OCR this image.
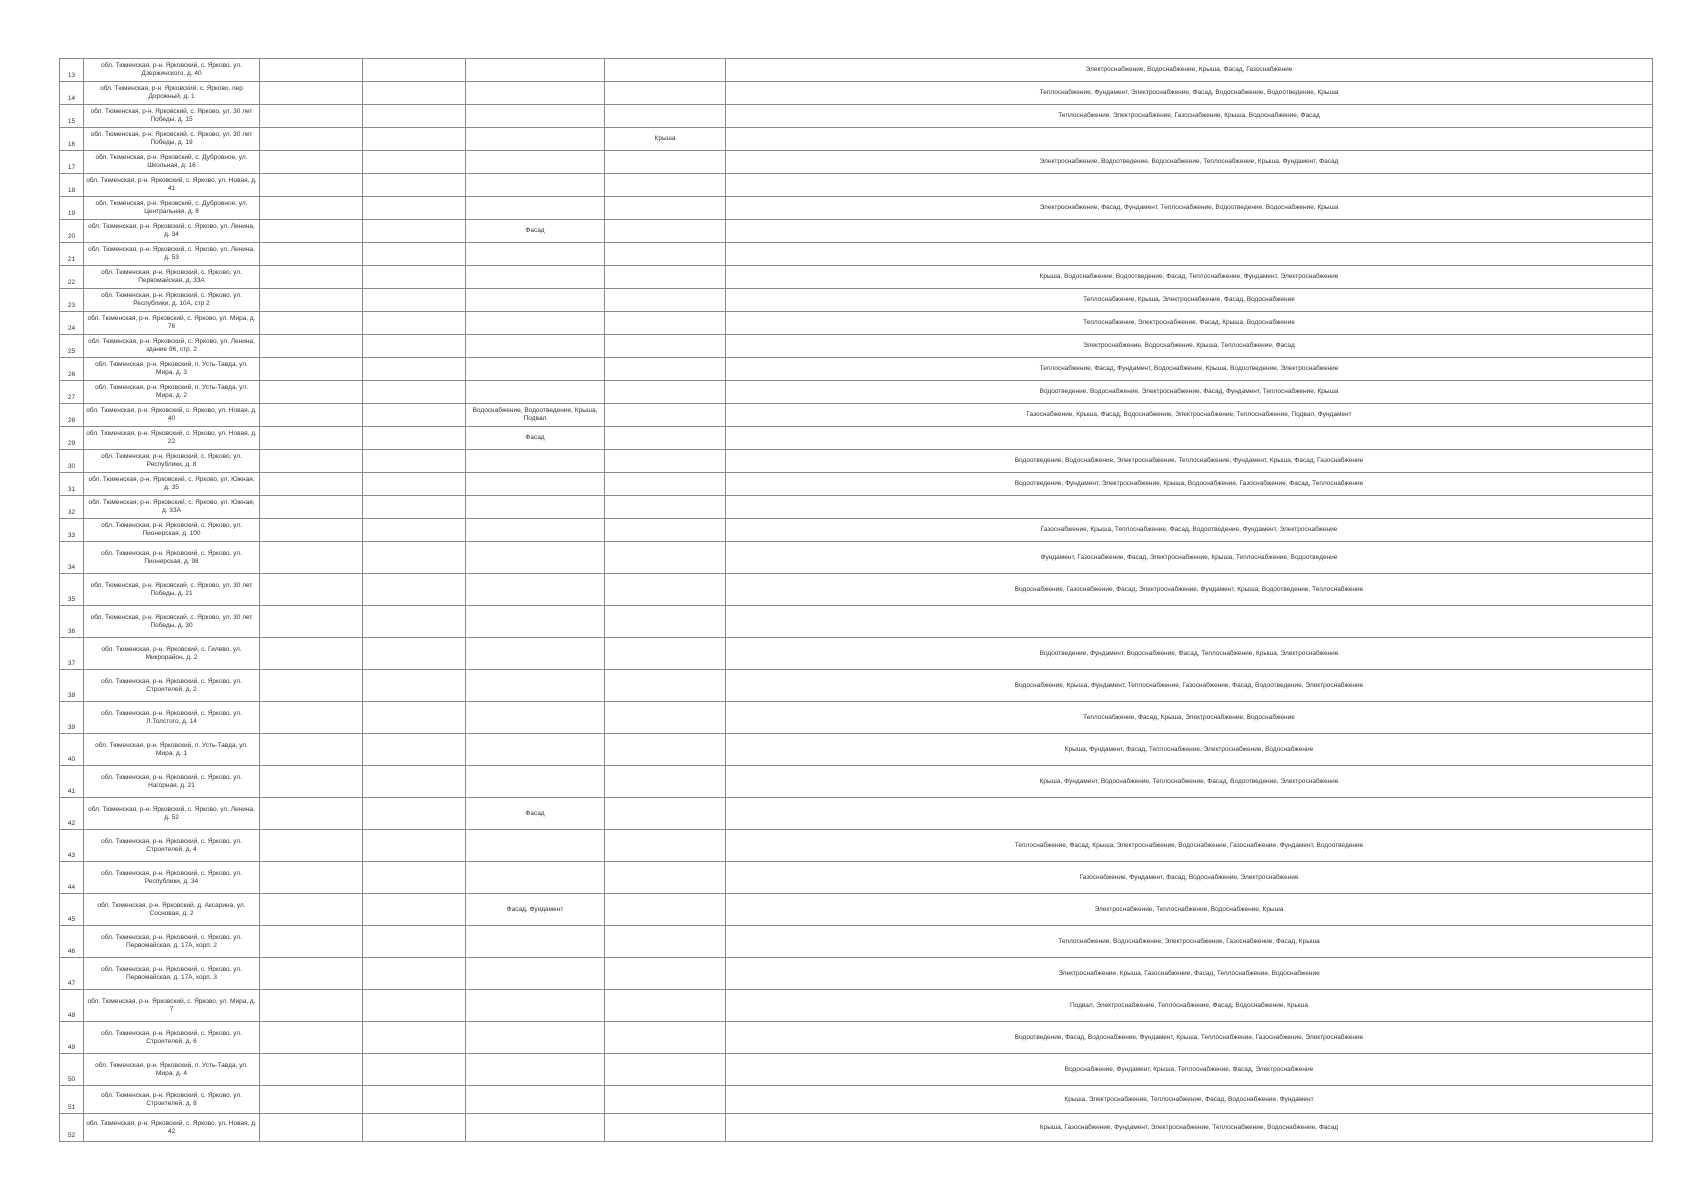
13	обл. Тюменская, р-н. Ярковский, с. Ярково, ул. Дзержинского, д. 40					Электроснабжение, Водоснабжение, Крыша, Фасад, Газоснабжение
14	обл. Тюменская, р-н. Ярковский, с. Ярково, пер Дорожный, д. 1					Теплоснабжение, Фундамент, Электроснабжение, Фасад, Водоснабжение, Водоотведение, Крыша
15	обл. Тюменская, р-н. Ярковский, с. Ярково, ул. 30 лет Победы, д. 15					Теплоснабжение, Электроснабжение, Газоснабжение, Крыша, Водоснабжение, Фасад
16	обл. Тюменская, р-н. Ярковский, с. Ярково, ул. 30 лет Победы, д. 19				Крыша	
17	обл. Тюменская, р-н. Ярковский, с. Дубровное, ул. Школьная, д. 16					Электроснабжение, Водоотведение, Водоснабжение, Теплоснабжение, Крыша, Фундамент, Фасад
18	обл. Тюменская, р-н. Ярковский, с. Ярково, ул. Новая, д. 41					
19	обл. Тюменская, р-н. Ярковский, с. Дубровное, ул. Центральная, д. 8					Электроснабжение, Фасад, Фундамент, Теплоснабжение, Водоотведение, Водоснабжение, Крыша
20	обл. Тюменская, р-н. Ярковский, с. Ярково, ул. Ленина, д. 34			Фасад		
21	обл. Тюменская, р-н. Ярковский, с. Ярково, ул. Ленина, д. 53					
22	обл. Тюменская, р-н. Ярковский, с. Ярково, ул. Первомайская, д. 33А					Крыша, Водоснабжение, Водоотведение, Фасад, Теплоснабжение, Фундамент, Электроснабжение
23	обл. Тюменская, р-н. Ярковский, с. Ярково, ул. Республики, д. 10А, стр 2					Теплоснабжение, Крыша, Электроснабжение, Фасад, Водоснабжение
24	обл. Тюменская, р-н. Ярковский, с. Ярково, ул. Мира, д. 76					Теплоснабжение, Электроснабжение, Фасад, Крыша, Водоснабжение
25	обл. Тюменская, р-н. Ярковский, с. Ярково, ул. Ленина, здание 96, стр. 2					Электроснабжение, Водоснабжение, Крыша, Теплоснабжение, Фасад
26	обл. Тюменская, р-н. Ярковский, п. Усть-Тавда, ул. Мира, д. 3					Теплоснабжение, Фасад, Фундамент, Водоснабжение, Крыша, Водоотведение, Электроснабжение
27	обл. Тюменская, р-н. Ярковский, п. Усть-Тавда, ул. Мира, д. 2					Водоотведение, Водоснабжение, Электроснабжение, Фасад, Фундамент, Теплоснабжение, Крыша
28	обл. Тюменская, р-н. Ярковский, с. Ярково, ул. Новая, д. 40			Водоснабжение, Водоотведение, Крыша, Подвал		Газоснабжение, Крыша, Фасад, Водоснабжение, Электроснабжение, Теплоснабжение, Подвал, Фундамент
29	обл. Тюменская, р-н. Ярковский, с. Ярково, ул. Новая, д. 22			Фасад		
30	обл. Тюменская, р-н. Ярковский, с. Ярково, ул. Республики, д. 8					Водоотведение, Водоснабжение, Электроснабжение, Теплоснабжение, Фундамент, Крыша, Фасад, Газоснабжение
31	обл. Тюменская, р-н. Ярковский, с. Ярково, ул. Южная, д. 35					Водоотведение, Фундамент, Электроснабжение, Крыша, Водоснабжение, Газоснабжение, Фасад, Теплоснабжение
32	обл. Тюменская, р-н. Ярковский, с. Ярково, ул. Южная, д. 33А					
33	обл. Тюменская, р-н. Ярковский, с. Ярково, ул. Пионерская, д. 100					Газоснабжение, Крыша, Теплоснабжение, Фасад, Водоотведение, Фундамент, Электроснабжение
34	обл. Тюменская, р-н. Ярковский, с. Ярково, ул. Пионерская, д. 98					Фундамент, Газоснабжение, Фасад, Электроснабжение, Крыша, Теплоснабжение, Водоотведение
35	обл. Тюменская, р-н. Ярковский, с. Ярково, ул. 30 лет Победы, д. 21					Водоснабжение, Газоснабжение, Фасад, Электроснабжение, Фундамент, Крыша, Водоотведение, Теплоснабжение
36	обл. Тюменская, р-н. Ярковский, с. Ярково, ул. 30 лет Победы, д. 30					
37	обл. Тюменская, р-н. Ярковский, с. Гилево, ул. Микрорайон, д. 2					Водоотведение, Фундамент, Водоснабжение, Фасад, Теплоснабжение, Крыша, Электроснабжение
38	обл. Тюменская, р-н. Ярковский, с. Ярково, ул. Строителей, д. 2					Водоснабжение, Крыша, Фундамент, Теплоснабжение, Газоснабжение, Фасад, Водоотведение, Электроснабжение
39	обл. Тюменская, р-н. Ярковский, с. Ярково, ул. Л.Толстого, д. 14					Теплоснабжение, Фасад, Крыша, Электроснабжение, Водоснабжение
40	обл. Тюменская, р-н. Ярковский, п. Усть-Тавда, ул. Мира, д. 1					Крыша, Фундамент, Фасад, Теплоснабжение, Электроснабжение, Водоснабжение
41	обл. Тюменская, р-н. Ярковский, с. Ярково, ул. Нагорная, д. 21					Крыша, Фундамент, Водоснабжение, Теплоснабжение, Фасад, Водоотведение, Электроснабжение
42	обл. Тюменская, р-н. Ярковский, с. Ярково, ул. Ленина, д. 52			Фасад		
43	обл. Тюменская, р-н. Ярковский, с. Ярково, ул. Строителей, д. 4					Теплоснабжение, Фасад, Крыша, Электроснабжение, Водоснабжение, Газоснабжение, Фундамент, Водоотведение
44	обл. Тюменская, р-н. Ярковский, с. Ярково, ул. Республики, д. 34					Газоснабжение, Фундамент, Фасад, Водоснабжение, Электроснабжение
45	обл. Тюменская, р-н. Ярковский, д. Аксарина, ул. Сосновая, д. 2			Фасад, Фундамент		Электроснабжение, Теплоснабжение, Водоснабжение, Крыша
46	обл. Тюменская, р-н. Ярковский, с. Ярково, ул. Первомайская, д. 17А, корп. 2					Теплоснабжение, Водоснабжение, Электроснабжение, Газоснабжение, Фасад, Крыша
47	обл. Тюменская, р-н. Ярковский, с. Ярково, ул. Первомайская, д. 17А, корп. 3					Электроснабжение, Крыша, Газоснабжение, Фасад, Теплоснабжение, Водоснабжение
48	обл. Тюменская, р-н. Ярковский, с. Ярково, ул. Мира, д. 7					Подвал, Электроснабжение, Теплоснабжение, Фасад, Водоснабжение, Крыша
49	обл. Тюменская, р-н. Ярковский, с. Ярково, ул. Строителей, д. 6					Водоотведение, Фасад, Водоснабжение, Фундамент, Крыша, Теплоснабжение, Газоснабжение, Электроснабжение
50	обл. Тюменская, р-н. Ярковский, п. Усть-Тавда, ул. Мира, д. 4					Водоснабжение, Фундамент, Крыша, Теплоснабжение, Фасад, Электроснабжение
51	обл. Тюменская, р-н. Ярковский, с. Ярково, ул. Строителей, д. 8					Крыша, Электроснабжение, Теплоснабжение, Фасад, Водоснабжение, Фундамент
52	обл. Тюменская, р-н. Ярковский, с. Ярково, ул. Новая, д. 42					Крыша, Газоснабжение, Фундамент, Электроснабжение, Теплоснабжение, Водоснабжение, Фасад
